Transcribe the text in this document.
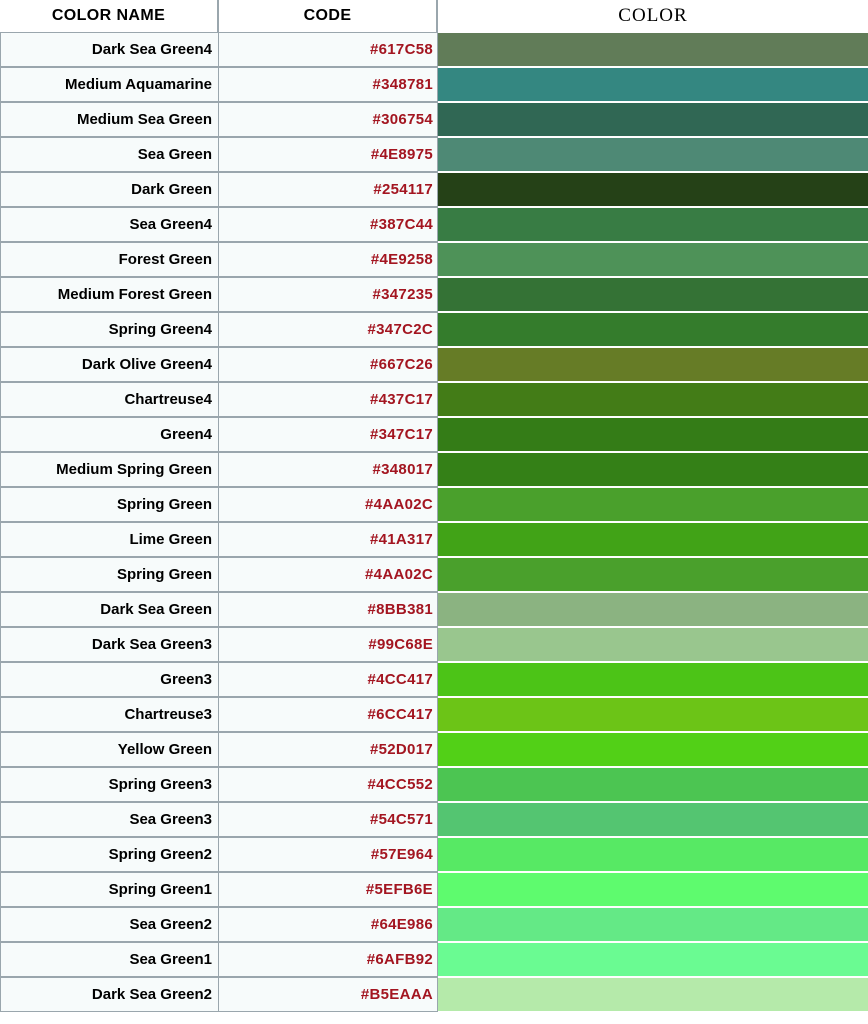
COLOR NAME	CODE	COLOR
Dark Sea Green4	#617C58	

Medium Aquamarine	#348781	

Medium Sea Green	#306754	

Sea Green	#4E8975	

Dark Green	#254117	

Sea Green4	#387C44	

Forest Green	#4E9258	

Medium Forest Green	#347235	

Spring Green4	#347C2C	

Dark Olive Green4	#667C26	

Chartreuse4	#437C17	

Green4	#347C17	

Medium Spring Green	#348017	

Spring Green	#4AA02C	

Lime Green	#41A317	

Spring Green	#4AA02C	

Dark Sea Green	#8BB381	

Dark Sea Green3	#99C68E	

Green3	#4CC417	

Chartreuse3	#6CC417	

Yellow Green	#52D017	

Spring Green3	#4CC552	

Sea Green3	#54C571	

Spring Green2	#57E964	

Spring Green1	#5EFB6E	

Sea Green2	#64E986	

Sea Green1	#6AFB92	

Dark Sea Green2	#B5EAAA	
